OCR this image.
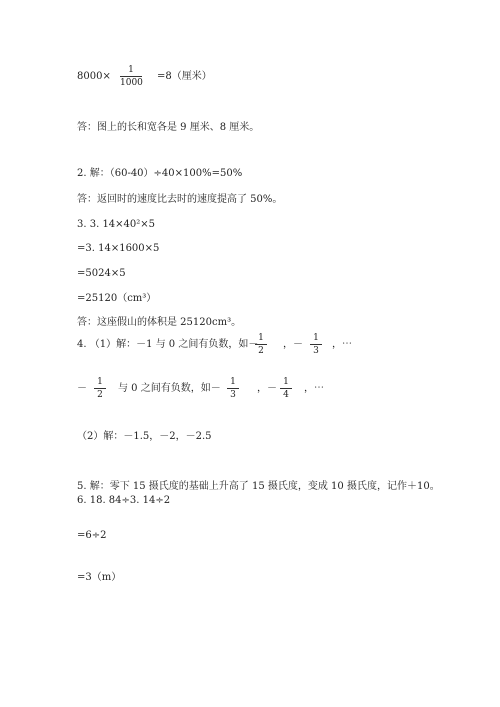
8000×
1
1000
=8（厘米）
答：图上的长和宽各是 9 厘米、8 厘米。
2. 解：（60-40）÷40×100%=50%
答：返回时的速度比去时的速度提高了 50%。
3. 3. 14×40²×5
=3. 14×1600×5
=5024×5
=25120（cm³）
答：这座假山的体积是 25120cm³。
4. （1）解：－1 与 0 之间有负数，如－
1
2
，－
1
3
，⋯
－
1
2
与 0 之间有负数，如－
1
3
，－
1
4
，⋯
（2）解：－1.5，－2，－2.5
5. 解：零下 15 摄氏度的基础上升高了 15 摄氏度，变成 10 摄氏度，记作＋10。
6. 18. 84÷3. 14÷2
=6÷2
=3（m）
